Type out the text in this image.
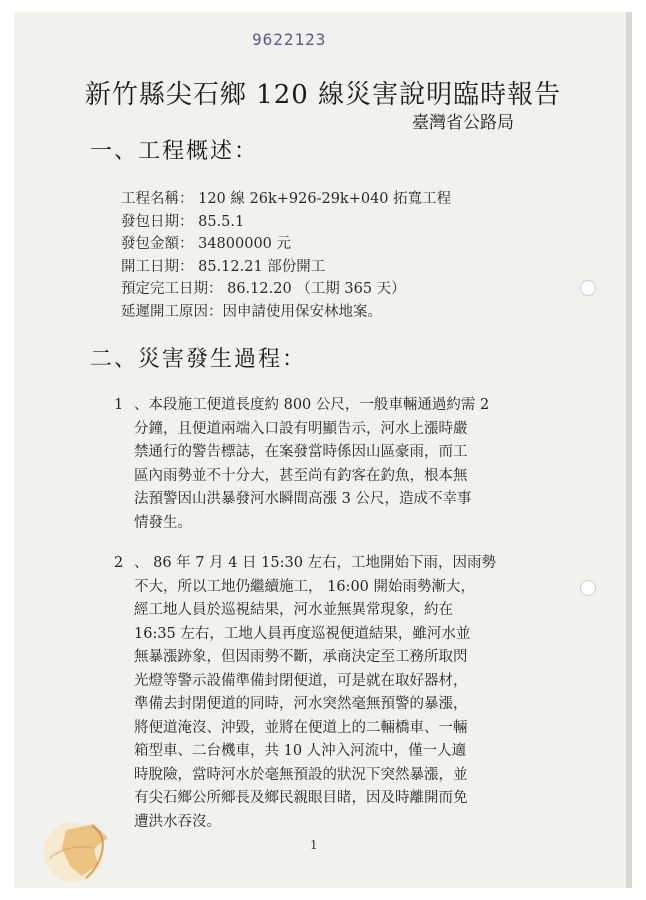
9622123
新竹縣尖石鄉 120 線災害說明臨時報告
臺灣省公路局
一、工程概述：
工程名稱： 120 線 26k+926-29k+040 拓寬工程
發包日期： 85.5.1
發包金額： 34800000 元
開工日期： 85.12.21 部份開工
預定完工日期： 86.12.20 （工期 365 天）
延遲開工原因：因申請使用保安林地案。
二、災害發生過程：
1 、本段施工便道長度約 800 公尺，一般車輛通過約需 2
分鐘，且便道兩端入口設有明顯告示，河水上漲時嚴
禁通行的警告標誌，在案發當時係因山區豪雨，而工
區內雨勢並不十分大，甚至尚有釣客在釣魚，根本無
法預警因山洪暴發河水瞬間高漲 3 公尺，造成不幸事
情發生。
2 、 86 年 7 月 4 日 15:30 左右，工地開始下雨，因雨勢
不大，所以工地仍繼續施工， 16:00 開始雨勢漸大，
經工地人員於巡視結果，河水並無異常現象，約在
16:35 左右，工地人員再度巡視便道結果，雖河水並
無暴漲跡象，但因雨勢不斷，承商決定至工務所取閃
光燈等警示設備準備封閉便道，可是就在取好器材，
準備去封閉便道的同時，河水突然毫無預警的暴漲，
將便道淹沒、沖毀，並將在便道上的二輛橋車、一輛
箱型車、二台機車，共 10 人沖入河流中，僅一人適
時脫險，當時河水於毫無預設的狀況下突然暴漲，並
有尖石鄉公所鄉長及鄉民親眼目睹，因及時離開而免
遭洪水吞沒。
1
